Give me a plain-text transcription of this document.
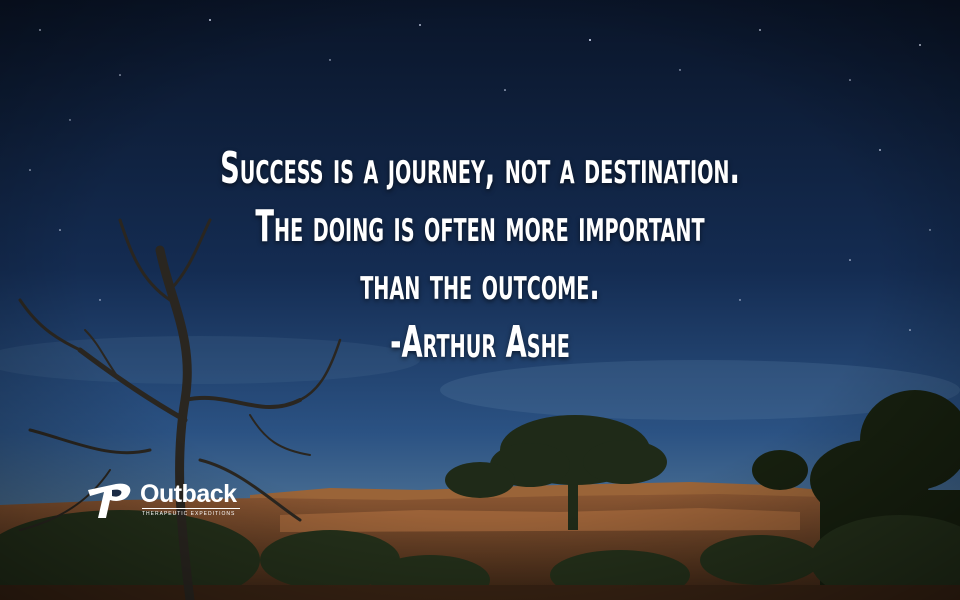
Success is a journey, not a destination.
The doing is often more important
than the outcome.
-Arthur Ashe
Outback
THERAPEUTIC EXPEDITIONS
